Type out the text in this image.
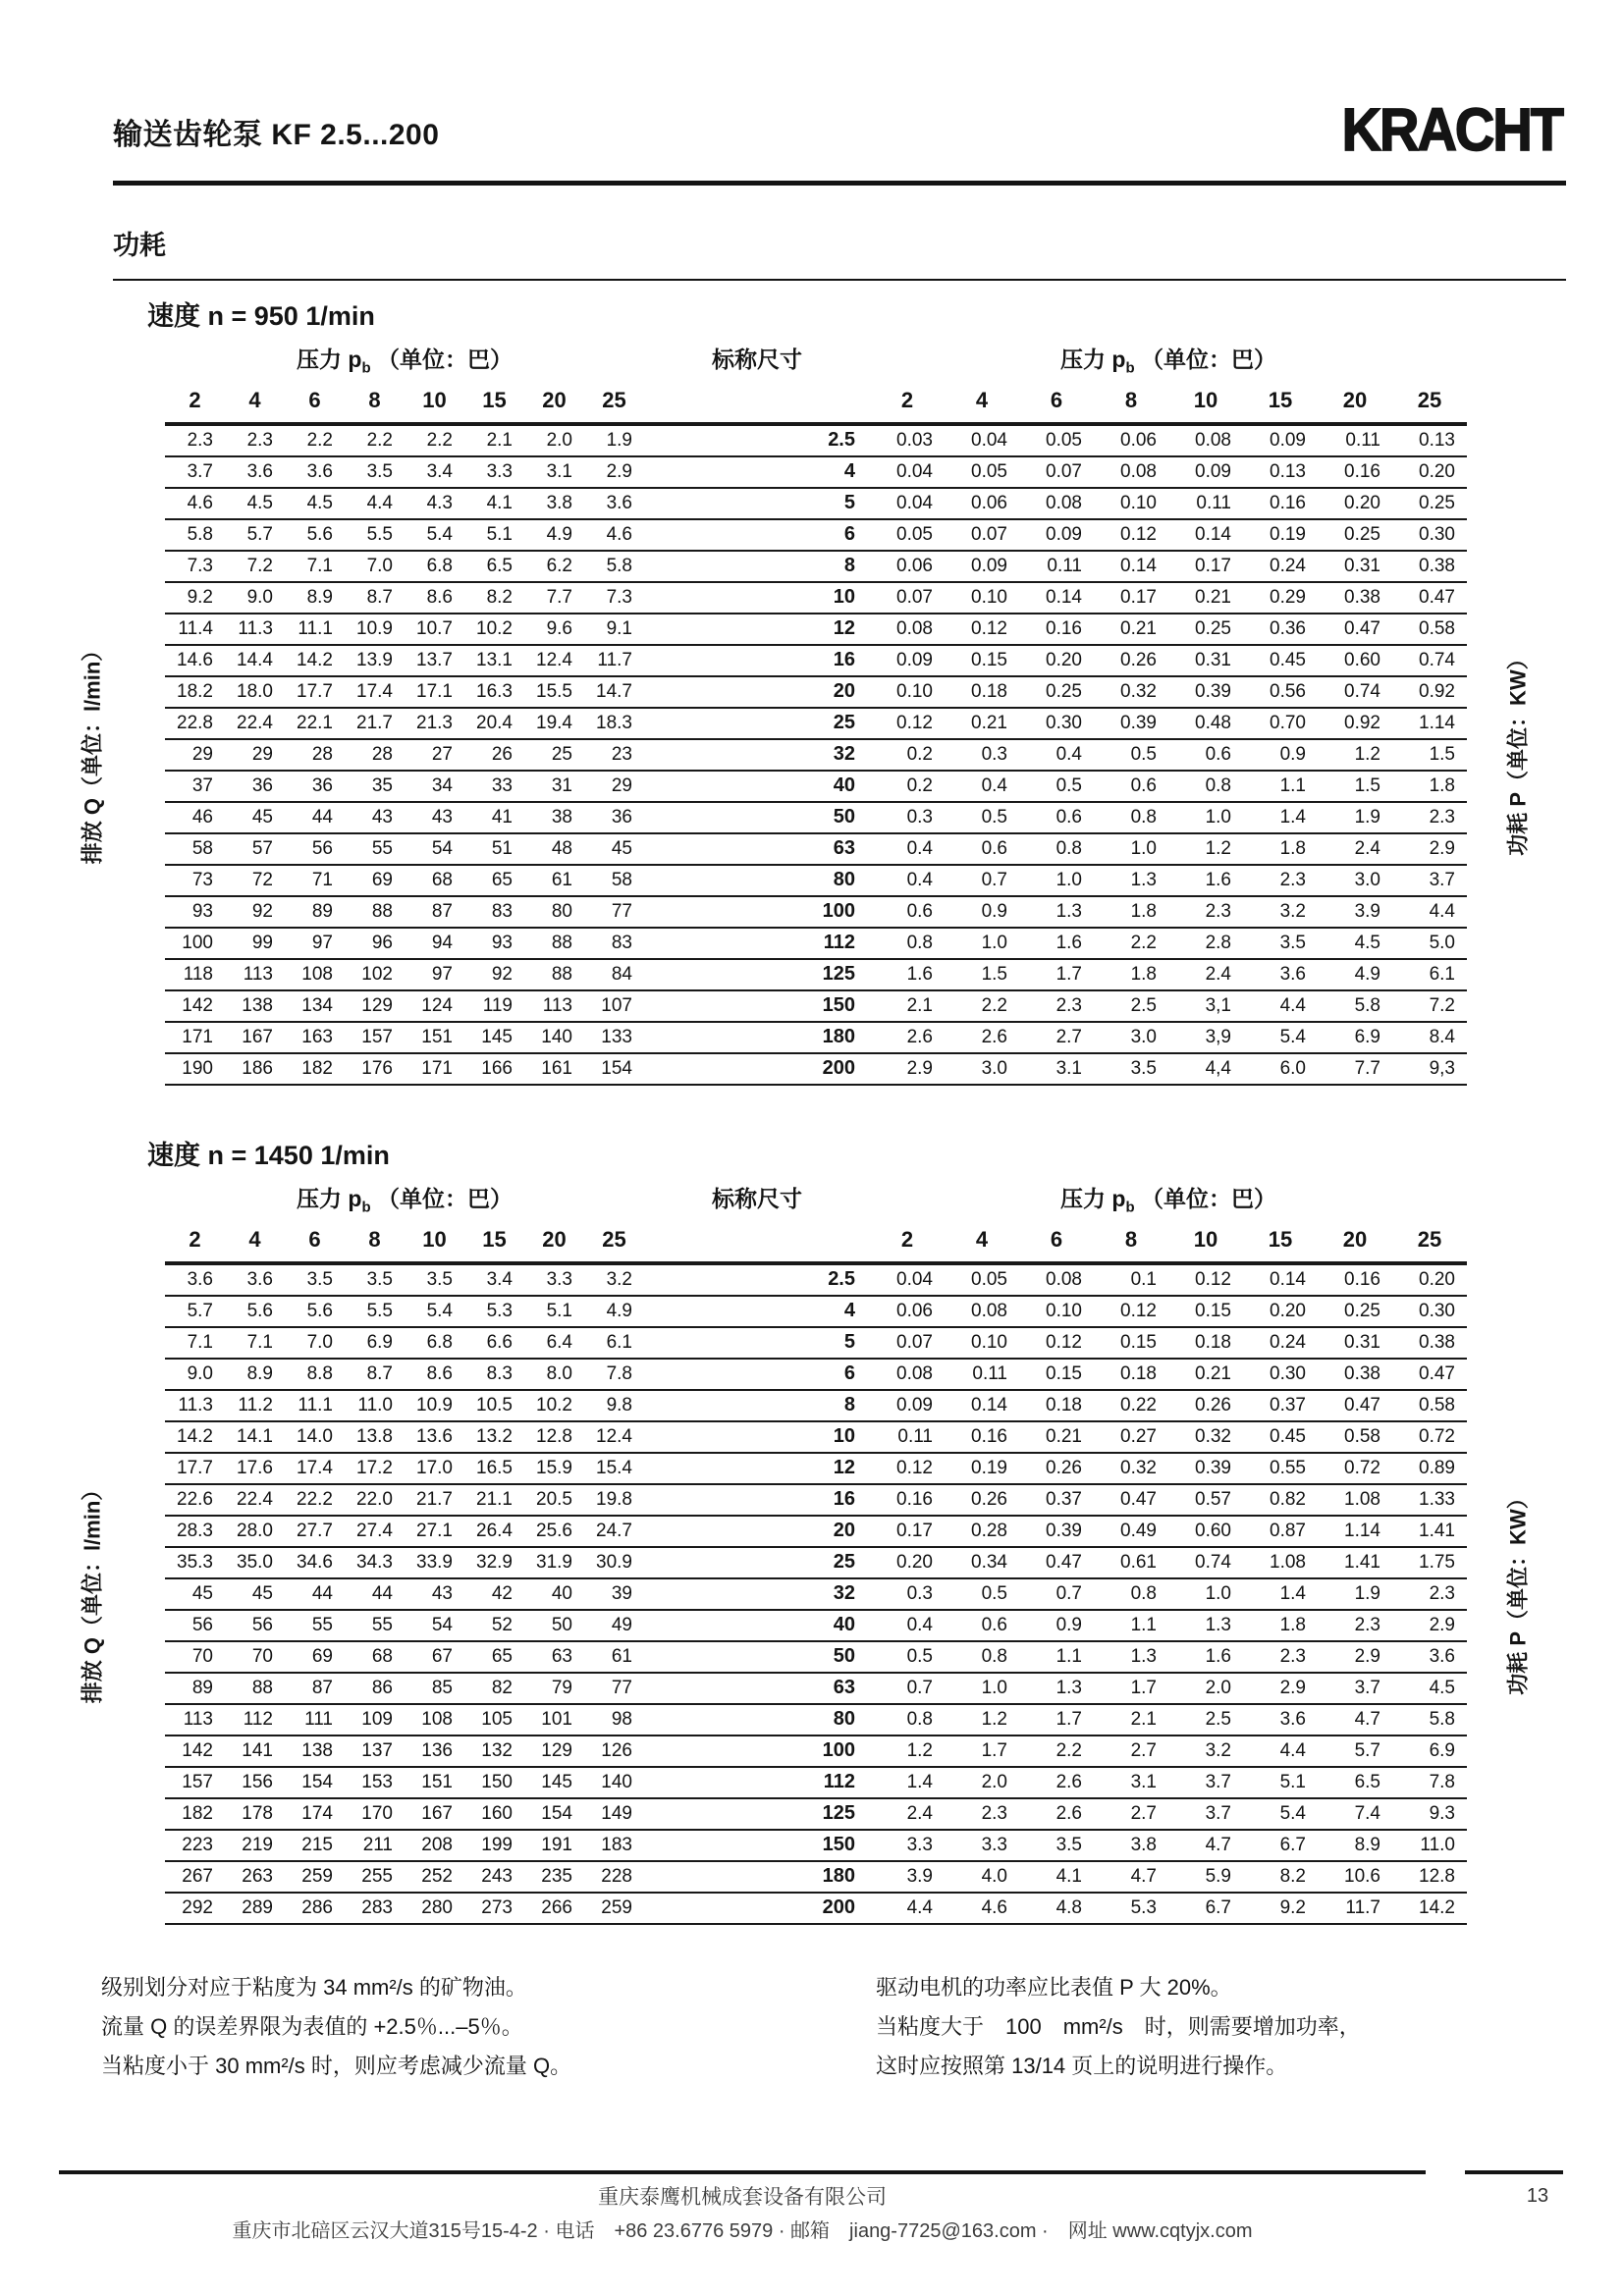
输送齿轮泵 KF 2.5...200	KRACHT
功耗
速度 n = 950 1/min
压力 $p_b$ （单位：巴）	标称尺寸	压力 $p_b$ （单位：巴）
2	4	6	8	10	15	20	25	2	4	6	8	10	15	20	25
2.3	2.3	2.2	2.2	2.2	2.1	2.0	1.9	2.5	0.03	0.04	0.05	0.06	0.08	0.09	0.11	0.13
3.7	3.6	3.6	3.5	3.4	3.3	3.1	2.9	4	0.04	0.05	0.07	0.08	0.09	0.13	0.16	0.20
4.6	4.5	4.5	4.4	4.3	4.1	3.8	3.6	5	0.04	0.06	0.08	0.10	0.11	0.16	0.20	0.25
5.8	5.7	5.6	5.5	5.4	5.1	4.9	4.6	6	0.05	0.07	0.09	0.12	0.14	0.19	0.25	0.30
7.3	7.2	7.1	7.0	6.8	6.5	6.2	5.8	8	0.06	0.09	0.11	0.14	0.17	0.24	0.31	0.38
9.2	9.0	8.9	8.7	8.6	8.2	7.7	7.3	10	0.07	0.10	0.14	0.17	0.21	0.29	0.38	0.47
11.4	11.3	11.1	10.9	10.7	10.2	9.6	9.1	12	0.08	0.12	0.16	0.21	0.25	0.36	0.47	0.58
14.6	14.4	14.2	13.9	13.7	13.1	12.4	11.7	16	0.09	0.15	0.20	0.26	0.31	0.45	0.60	0.74
18.2	18.0	17.7	17.4	17.1	16.3	15.5	14.7	20	0.10	0.18	0.25	0.32	0.39	0.56	0.74	0.92
22.8	22.4	22.1	21.7	21.3	20.4	19.4	18.3	25	0.12	0.21	0.30	0.39	0.48	0.70	0.92	1.14
29	29	28	28	27	26	25	23	32	0.2	0.3	0.4	0.5	0.6	0.9	1.2	1.5
37	36	36	35	34	33	31	29	40	0.2	0.4	0.5	0.6	0.8	1.1	1.5	1.8
46	45	44	43	43	41	38	36	50	0.3	0.5	0.6	0.8	1.0	1.4	1.9	2.3
58	57	56	55	54	51	48	45	63	0.4	0.6	0.8	1.0	1.2	1.8	2.4	2.9
73	72	71	69	68	65	61	58	80	0.4	0.7	1.0	1.3	1.6	2.3	3.0	3.7
93	92	89	88	87	83	80	77	100	0.6	0.9	1.3	1.8	2.3	3.2	3.9	4.4
100	99	97	96	94	93	88	83	112	0.8	1.0	1.6	2.2	2.8	3.5	4.5	5.0
118	113	108	102	97	92	88	84	125	1.6	1.5	1.7	1.8	2.4	3.6	4.9	6.1
142	138	134	129	124	119	113	107	150	2.1	2.2	2.3	2.5	3,1	4.4	5.8	7.2
171	167	163	157	151	145	140	133	180	2.6	2.6	2.7	3.0	3,9	5.4	6.9	8.4
190	186	182	176	171	166	161	154	200	2.9	3.0	3.1	3.5	4,4	6.0	7.7	9,3
排放 Q（单位：l/min）	功耗 P（单位：KW）
速度 n = 1450 1/min
压力 $p_b$ （单位：巴）	标称尺寸	压力 $p_b$ （单位：巴）
2	4	6	8	10	15	20	25	2	4	6	8	10	15	20	25
3.6	3.6	3.5	3.5	3.5	3.4	3.3	3.2	2.5	0.04	0.05	0.08	0.1	0.12	0.14	0.16	0.20
5.7	5.6	5.6	5.5	5.4	5.3	5.1	4.9	4	0.06	0.08	0.10	0.12	0.15	0.20	0.25	0.30
7.1	7.1	7.0	6.9	6.8	6.6	6.4	6.1	5	0.07	0.10	0.12	0.15	0.18	0.24	0.31	0.38
9.0	8.9	8.8	8.7	8.6	8.3	8.0	7.8	6	0.08	0.11	0.15	0.18	0.21	0.30	0.38	0.47
11.3	11.2	11.1	11.0	10.9	10.5	10.2	9.8	8	0.09	0.14	0.18	0.22	0.26	0.37	0.47	0.58
14.2	14.1	14.0	13.8	13.6	13.2	12.8	12.4	10	0.11	0.16	0.21	0.27	0.32	0.45	0.58	0.72
17.7	17.6	17.4	17.2	17.0	16.5	15.9	15.4	12	0.12	0.19	0.26	0.32	0.39	0.55	0.72	0.89
22.6	22.4	22.2	22.0	21.7	21.1	20.5	19.8	16	0.16	0.26	0.37	0.47	0.57	0.82	1.08	1.33
28.3	28.0	27.7	27.4	27.1	26.4	25.6	24.7	20	0.17	0.28	0.39	0.49	0.60	0.87	1.14	1.41
35.3	35.0	34.6	34.3	33.9	32.9	31.9	30.9	25	0.20	0.34	0.47	0.61	0.74	1.08	1.41	1.75
45	45	44	44	43	42	40	39	32	0.3	0.5	0.7	0.8	1.0	1.4	1.9	2.3
56	56	55	55	54	52	50	49	40	0.4	0.6	0.9	1.1	1.3	1.8	2.3	2.9
70	70	69	68	67	65	63	61	50	0.5	0.8	1.1	1.3	1.6	2.3	2.9	3.6
89	88	87	86	85	82	79	77	63	0.7	1.0	1.3	1.7	2.0	2.9	3.7	4.5
113	112	111	109	108	105	101	98	80	0.8	1.2	1.7	2.1	2.5	3.6	4.7	5.8
142	141	138	137	136	132	129	126	100	1.2	1.7	2.2	2.7	3.2	4.4	5.7	6.9
157	156	154	153	151	150	145	140	112	1.4	2.0	2.6	3.1	3.7	5.1	6.5	7.8
182	178	174	170	167	160	154	149	125	2.4	2.3	2.6	2.7	3.7	5.4	7.4	9.3
223	219	215	211	208	199	191	183	150	3.3	3.3	3.5	3.8	4.7	6.7	8.9	11.0
267	263	259	255	252	243	235	228	180	3.9	4.0	4.1	4.7	5.9	8.2	10.6	12.8
292	289	286	283	280	273	266	259	200	4.4	4.6	4.8	5.3	6.7	9.2	11.7	14.2
排放 Q（单位：l/min）	功耗 P（单位：KW）
级别划分对应于粘度为 34 mm²/s 的矿物油。
流量 Q 的误差界限为表值的 +2.5％...–5％。
当粘度小于 30 mm²/s 时，则应考虑减少流量 Q。
驱动电机的功率应比表值 P 大 20%。
当粘度大于　100　mm²/s　时，则需要增加功率，
这时应按照第 13/14 页上的说明进行操作。
重庆泰鹰机械成套设备有限公司
重庆市北碚区云汉大道315号15-4-2 · 电话　+86 23.6776 5979 · 邮箱　jiang-7725@163.com ·　网址 www.cqtyjx.com
13
